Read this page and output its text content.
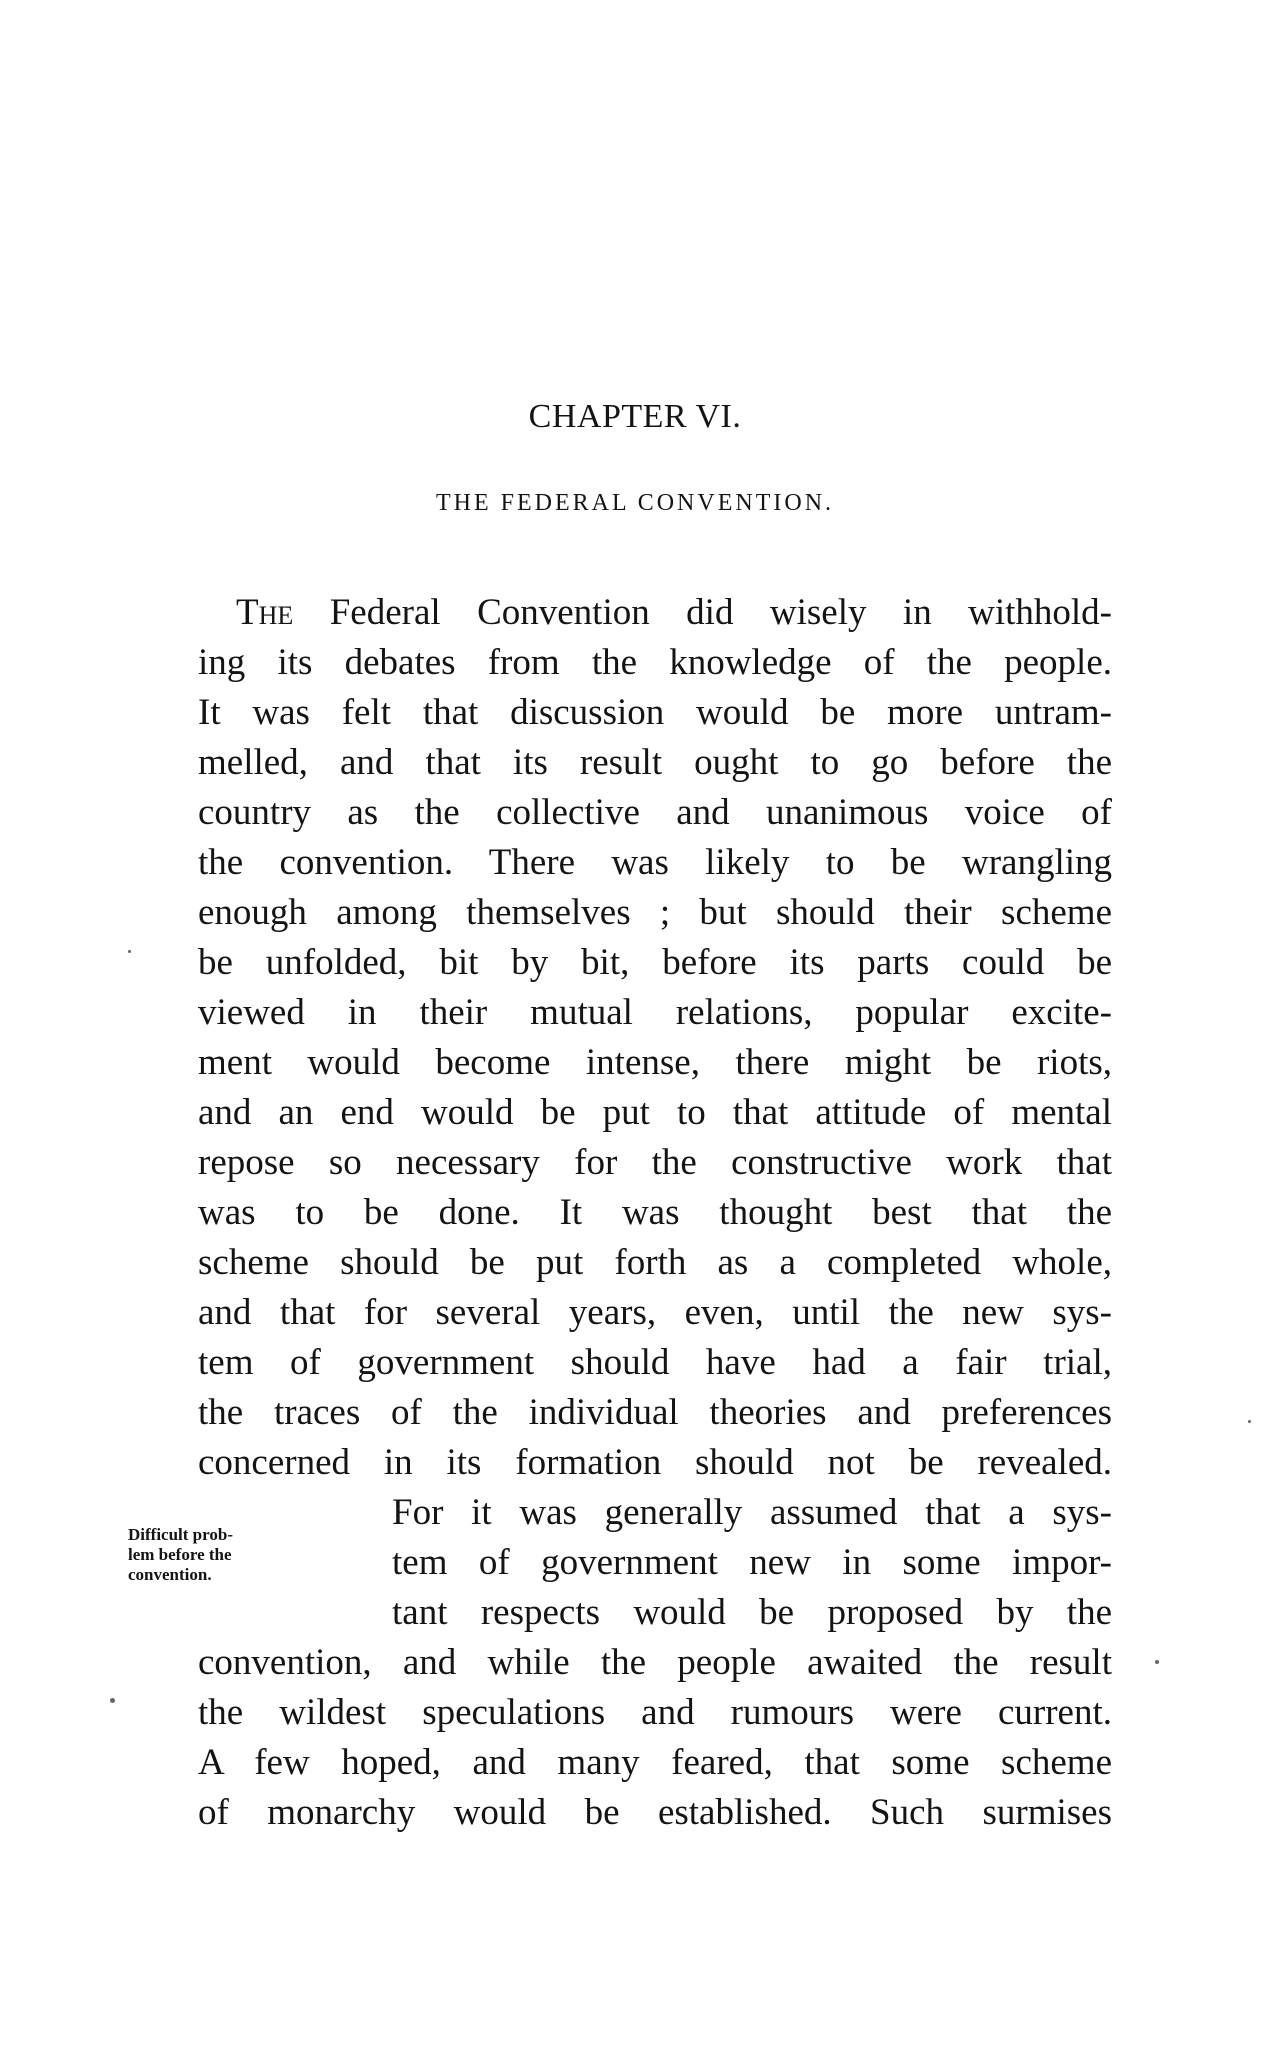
CHAPTER VI.
THE FEDERAL CONVENTION.
The Federal Convention did wisely in withhold-
ing its debates from the knowledge of the people.
It was felt that discussion would be more untram-
melled, and that its result ought to go before the
country as the collective and unanimous voice of
the convention. There was likely to be wrangling
enough among themselves ; but should their scheme
be unfolded, bit by bit, before its parts could be
viewed in their mutual relations, popular excite-
ment would become intense, there might be riots,
and an end would be put to that attitude of mental
repose so necessary for the constructive work that
was to be done. It was thought best that the
scheme should be put forth as a completed whole,
and that for several years, even, until the new sys-
tem of government should have had a fair trial,
the traces of the individual theories and preferences
concerned in its formation should not be revealed.
Difficult prob-
lem before the
convention.
For it was generally assumed that a sys-
tem of government new in some impor-
tant respects would be proposed by the
convention, and while the people awaited the result
the wildest speculations and rumours were current.
A few hoped, and many feared, that some scheme
of monarchy would be established. Such surmises
